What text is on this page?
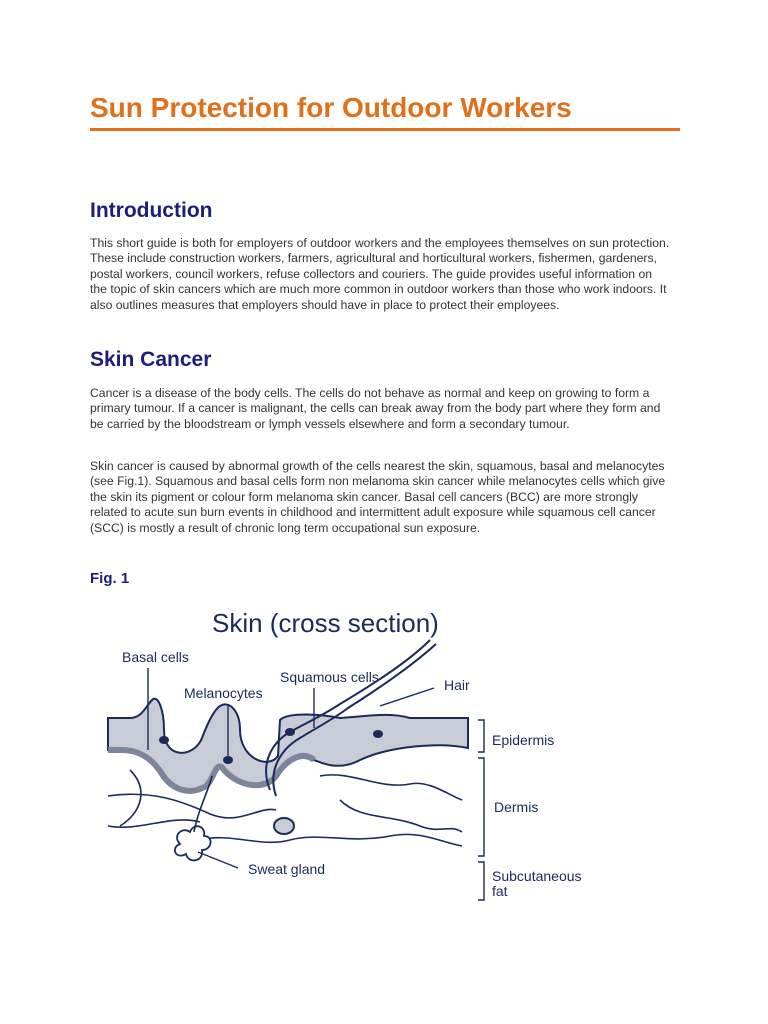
Sun Protection for Outdoor Workers
Introduction

This short guide is both for employers of outdoor workers and the employees themselves on sun protection. These include construction workers, farmers, agricultural and horticultural workers, fishermen, gardeners, postal workers, council workers, refuse collectors and couriers. The guide provides useful information on the topic of skin cancers which are much more common in outdoor workers than those who work indoors. It also outlines measures that employers should have in place to protect their employees.

Skin Cancer

Cancer is a disease of the body cells. The cells do not behave as normal and keep on growing to form a primary tumour. If a cancer is malignant, the cells can break away from the body part where they form and be carried by the bloodstream or lymph vessels elsewhere and form a secondary tumour.

Skin cancer is caused by abnormal growth of the cells nearest the skin, squamous, basal and melanocytes (see Fig.1). Squamous and basal cells form non melanoma skin cancer while melanocytes cells which give the skin its pigment or colour form melanoma skin cancer. Basal cell cancers (BCC) are more strongly related to acute sun burn events in childhood and intermittent adult exposure while squamous cell cancer (SCC) is mostly a result of chronic long term occupational sun exposure.

Fig. 1
Skin (cross section)
Basal cells
Melanocytes
Squamous cells	Hair
Epidermis
Dermis
Sweat gland	Subcutaneous
fat
